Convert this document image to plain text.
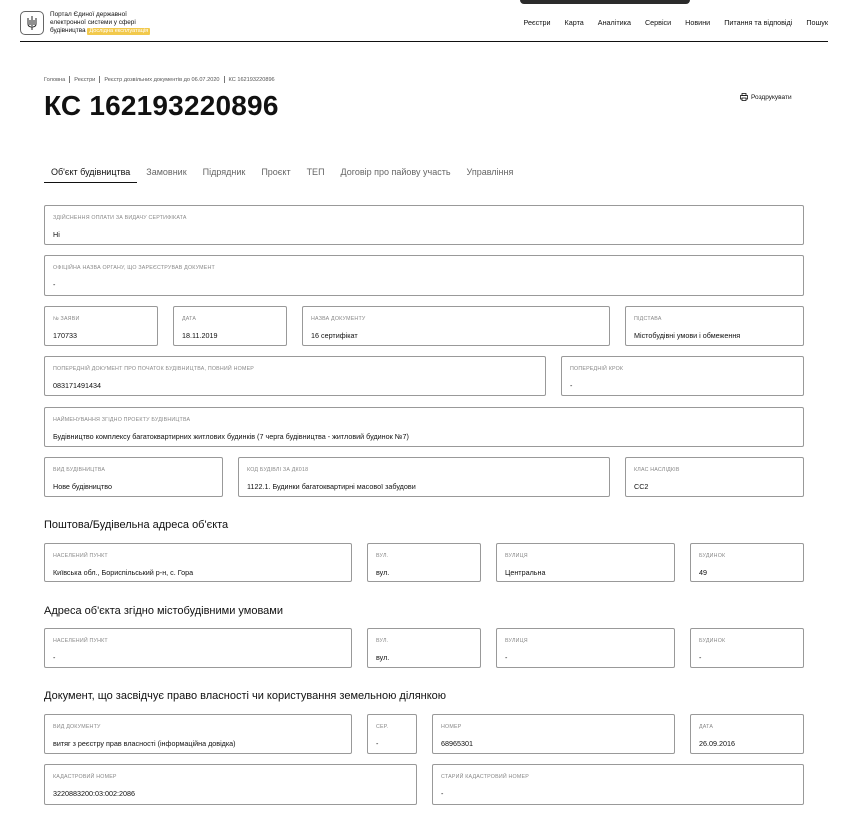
Портал Єдиної державної
електронної системи у сфері
будівництва Дослідна експлуатація
Реєстри Карта Аналітика Сервіси Новини Питання та відповіді Пошук
Головна Реєстри Реєстр дозвільних документів до 06.07.2020 КС 162193220896
КС 162193220896	Роздрукувати
Об'єкт будівництва	Замовник Підрядник Проєкт ТЕП Договір про пайову участь Управління
ЗДІЙСНЕННЯ ОПЛАТИ ЗА ВИДАЧУ СЕРТИФІКАТА
Ні
ОФІЦІЙНА НАЗВА ОРГАНУ, ЩО ЗАРЕЄСТРУВАВ ДОКУМЕНТ
-
№ ЗАЯВИ
170733
ДАТА
18.11.2019
НАЗВА ДОКУМЕНТУ
16 сертифікат
ПІДСТАВА
Містобудівні умови і обмеження
ПОПЕРЕДНІЙ ДОКУМЕНТ ПРО ПОЧАТОК БУДІВНИЦТВА, ПОВНИЙ НОМЕР
083171491434
ПОПЕРЕДНІЙ КРОК
-
НАЙМЕНУВАННЯ ЗГІДНО ПРОЕКТУ БУДІВНИЦТВА
Будівництво комплексу багатоквартирних житлових будинків (7 черга будівництва - житловий будинок №7)
ВИД БУДІВНИЦТВА
Нове будівництво
КОД БУДІВЛІ ЗА ДК018
1122.1. Будинки багатоквартирні масової забудови
КЛАС НАСЛІДКІВ
СС2
Поштова/Будівельна адреса об'єкта
НАСЕЛЕНИЙ ПУНКТ
Київська обл., Бориспільський р-н, с. Гора
ВУЛ.
вул.
ВУЛИЦЯ
Центральна
БУДИНОК
49
Адреса об'єкта згідно містобудівними умовами
НАСЕЛЕНИЙ ПУНКТ
-
ВУЛ.
вул.
ВУЛИЦЯ
-
БУДИНОК
-
Документ, що засвідчує право власності чи користування земельною ділянкою
ВИД ДОКУМЕНТУ
витяг з реєстру прав власності (інформаційна довідка)
СЕР.
-
НОМЕР
68965301
ДАТА
26.09.2016
КАДАСТРОВИЙ НОМЕР
3220883200:03:002:2086
СТАРИЙ КАДАСТРОВИЙ НОМЕР
-
